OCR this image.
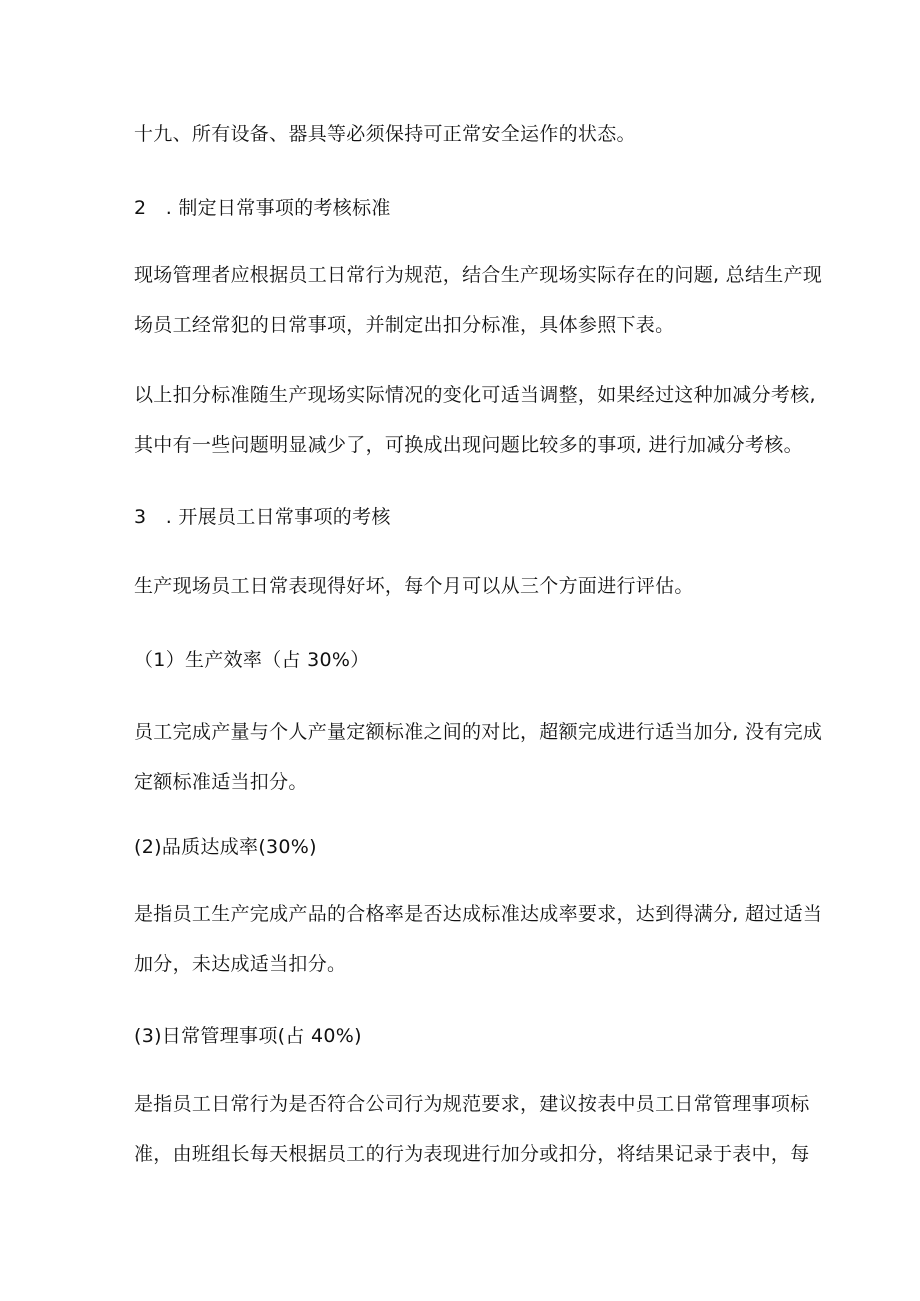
十九、所有设备、器具等必须保持可正常安全运作的状态。
2　. 制定日常事项的考核标准
现场管理者应根据员工日常行为规范，结合生产现场实际存在的问题, 总结生产现
场员工经常犯的日常事项，并制定出扣分标准，具体参照下表。
以上扣分标准随生产现场实际情况的变化可适当调整，如果经过这种加减分考核,
其中有一些问题明显减少了，可换成出现问题比较多的事项, 进行加减分考核。
3　. 开展员工日常事项的考核
生产现场员工日常表现得好坏，每个月可以从三个方面进行评估。
（1）生产效率（占 30%）
员工完成产量与个人产量定额标准之间的对比，超额完成进行适当加分, 没有完成
定额标准适当扣分。
(2)品质达成率(30%)
是指员工生产完成产品的合格率是否达成标准达成率要求，达到得满分, 超过适当
加分，未达成适当扣分。
(3)日常管理事项(占 40%)
是指员工日常行为是否符合公司行为规范要求，建议按表中员工日常管理事项标
准，由班组长每天根据员工的行为表现进行加分或扣分，将结果记录于表中，每
